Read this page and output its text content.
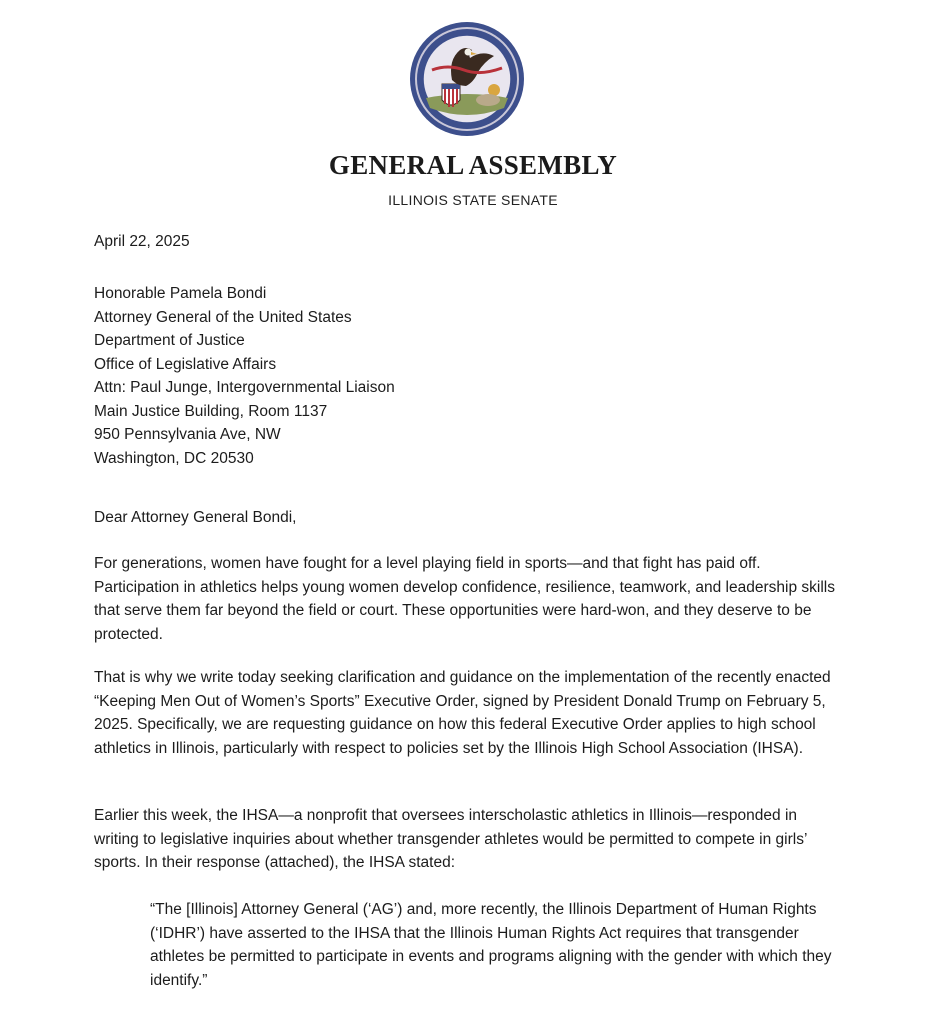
GENERAL ASSEMBLY
ILLINOIS STATE SENATE
April 22, 2025
Honorable Pamela Bondi
Attorney General of the United States
Department of Justice
Office of Legislative Affairs
Attn: Paul Junge, Intergovernmental Liaison
Main Justice Building, Room 1137
950 Pennsylvania Ave, NW
Washington, DC 20530
Dear Attorney General Bondi,
For generations, women have fought for a level playing field in sports—and that fight has paid off. Participation in athletics helps young women develop confidence, resilience, teamwork, and leadership skills that serve them far beyond the field or court. These opportunities were hard-won, and they deserve to be protected.
That is why we write today seeking clarification and guidance on the implementation of the recently enacted “Keeping Men Out of Women’s Sports” Executive Order, signed by President Donald Trump on February 5, 2025. Specifically, we are requesting guidance on how this federal Executive Order applies to high school athletics in Illinois, particularly with respect to policies set by the Illinois High School Association (IHSA).
Earlier this week, the IHSA—a nonprofit that oversees interscholastic athletics in Illinois—responded in writing to legislative inquiries about whether transgender athletes would be permitted to compete in girls’ sports. In their response (attached), the IHSA stated:
“The [Illinois] Attorney General (‘AG’) and, more recently, the Illinois Department of Human Rights (‘IDHR’) have asserted to the IHSA that the Illinois Human Rights Act requires that transgender athletes be permitted to participate in events and programs aligning with the gender with which they identify.”
